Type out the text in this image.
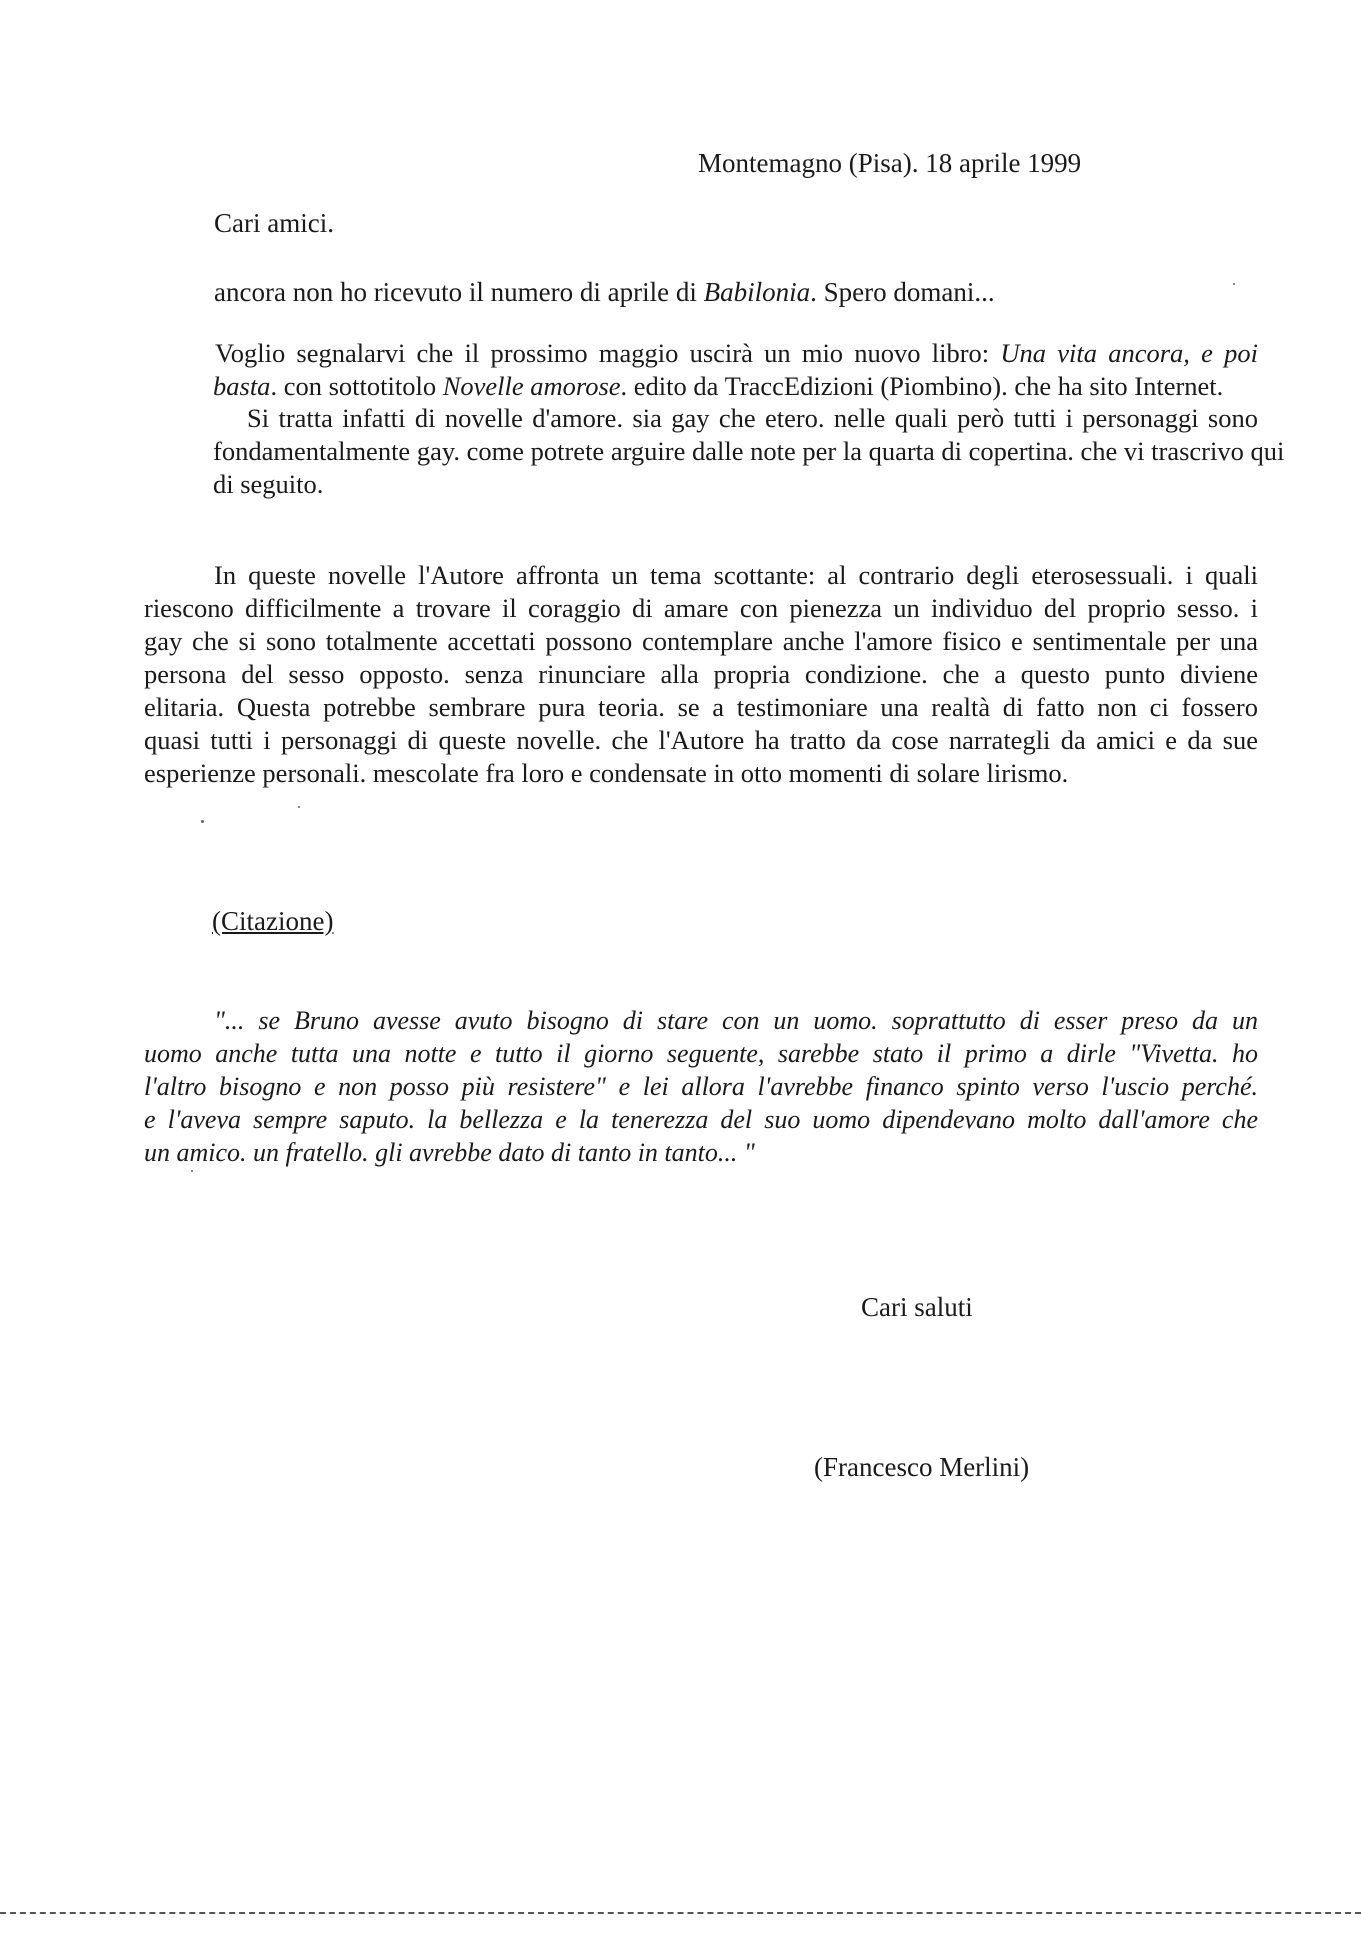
Montemagno (Pisa). 18 aprile 1999
Cari amici.
ancora non ho ricevuto il numero di aprile di Babilonia. Spero domani...
Voglio segnalarvi che il prossimo maggio uscirà un mio nuovo libro: Una vita ancora, e poi
basta. con sottotitolo Novelle amorose. edito da TraccEdizioni (Piombino). che ha sito Internet.
Si tratta infatti di novelle d'amore. sia gay che etero. nelle quali però tutti i personaggi sono
fondamentalmente gay. come potrete arguire dalle note per la quarta di copertina. che vi trascrivo qui
di seguito.
In queste novelle l'Autore affronta un tema scottante: al contrario degli eterosessuali. i quali
riescono difficilmente a trovare il coraggio di amare con pienezza un individuo del proprio sesso. i
gay che si sono totalmente accettati possono contemplare anche l'amore fisico e sentimentale per una
persona del sesso opposto. senza rinunciare alla propria condizione. che a questo punto diviene
elitaria. Questa potrebbe sembrare pura teoria. se a testimoniare una realtà di fatto non ci fossero
quasi tutti i personaggi di queste novelle. che l'Autore ha tratto da cose narrategli da amici e da sue
esperienze personali. mescolate fra loro e condensate in otto momenti di solare lirismo.
(Citazione)
"... se Bruno avesse avuto bisogno di stare con un uomo. soprattutto di esser preso da un
uomo anche tutta una notte e tutto il giorno seguente, sarebbe stato il primo a dirle "Vivetta. ho
l'altro bisogno e non posso più resistere" e lei allora l'avrebbe financo spinto verso l'uscio perché.
e l'aveva sempre saputo. la bellezza e la tenerezza del suo uomo dipendevano molto dall'amore che
un amico. un fratello. gli avrebbe dato di tanto in tanto... "
Cari saluti
(Francesco Merlini)
